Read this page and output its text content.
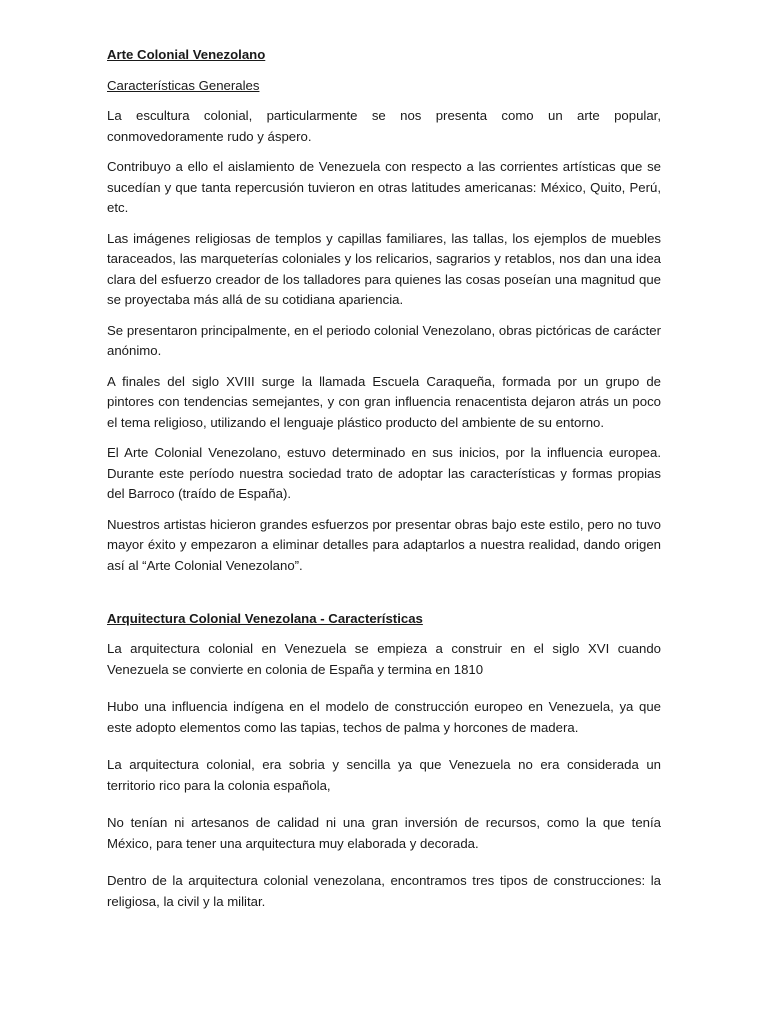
Arte Colonial Venezolano
Características Generales

La escultura colonial, particularmente se nos presenta como un arte popular, conmovedoramente rudo y áspero.

Contribuyo a ello el aislamiento de Venezuela con respecto a las corrientes artísticas que se sucedían y que tanta repercusión tuvieron en otras latitudes americanas: México, Quito, Perú, etc.

Las imágenes religiosas de templos y capillas familiares, las tallas, los ejemplos de muebles taraceados, las marqueterías coloniales y los relicarios, sagrarios y retablos, nos dan una idea clara del esfuerzo creador de los talladores para quienes las cosas poseían una magnitud que se proyectaba más allá de su cotidiana apariencia.

Se presentaron principalmente, en el periodo colonial Venezolano, obras pictóricas de carácter anónimo.

A finales del siglo XVIII surge la llamada Escuela Caraqueña, formada por un grupo de pintores con tendencias semejantes, y con gran influencia renacentista dejaron atrás un poco el tema religioso, utilizando el lenguaje plástico producto del ambiente de su entorno.

El Arte Colonial Venezolano, estuvo determinado en sus inicios, por la influencia europea. Durante este período nuestra sociedad trato de adoptar las características y formas propias del Barroco (traído de España).

Nuestros artistas hicieron grandes esfuerzos por presentar obras bajo este estilo, pero no tuvo mayor éxito y empezaron a eliminar detalles para adaptarlos a nuestra realidad, dando origen así al “Arte Colonial Venezolano”.

Arquitectura Colonial Venezolana - Características

La arquitectura colonial en Venezuela se empieza a construir en el siglo XVI cuando Venezuela se convierte en colonia de España y termina en 1810

Hubo una influencia indígena en el modelo de construcción europeo en Venezuela, ya que este adopto elementos como las tapias, techos de palma y horcones de madera.

La arquitectura colonial, era sobria y sencilla ya que Venezuela no era considerada un territorio rico para la colonia española,

No tenían ni artesanos de calidad ni una gran inversión de recursos, como la que tenía México, para tener una arquitectura muy elaborada y decorada.

Dentro de la arquitectura colonial venezolana, encontramos tres tipos de construcciones: la religiosa, la civil y la militar.
